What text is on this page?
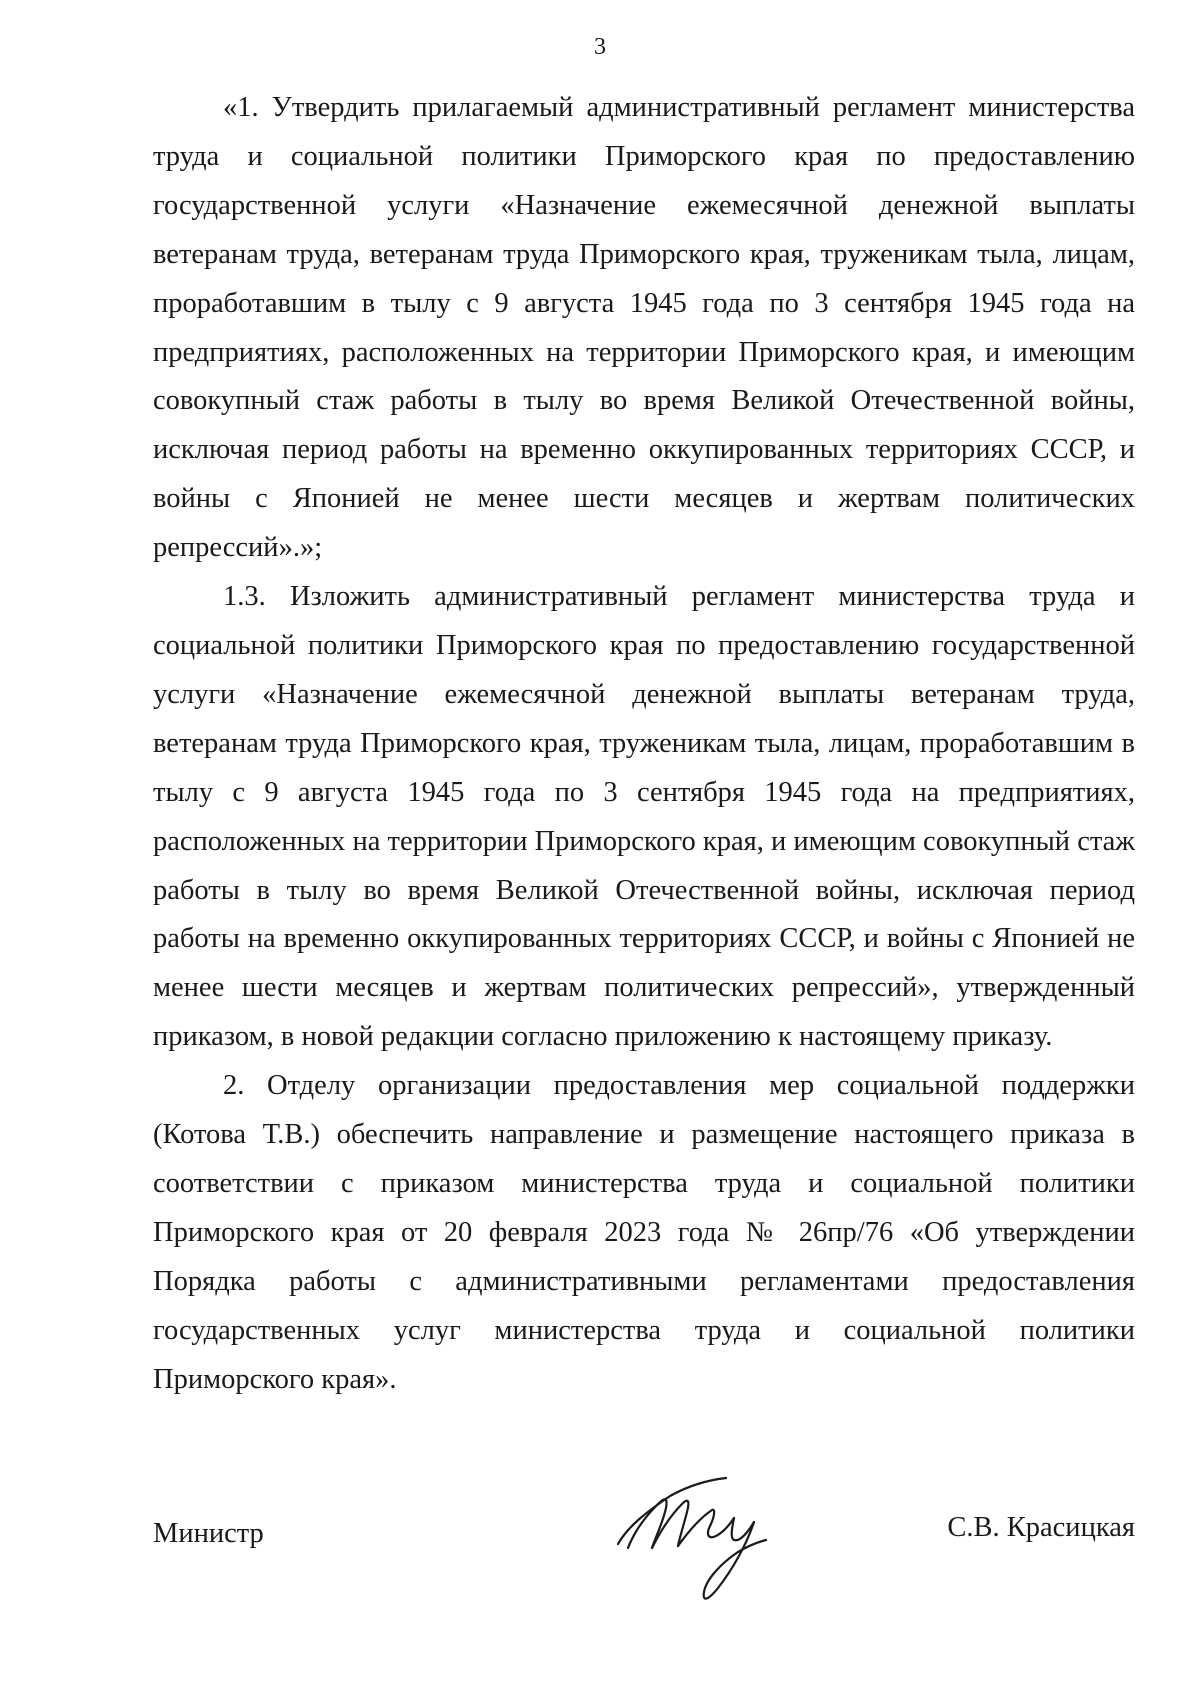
3

«1. Утвердить прилагаемый административный регламент министерства труда и социальной политики Приморского края по предоставлению государственной услуги «Назначение ежемесячной денежной выплаты ветеранам труда, ветеранам труда Приморского края, труженикам тыла, лицам, проработавшим в тылу с 9 августа 1945 года по 3 сентября 1945 года на предприятиях, расположенных на территории Приморского края, и имеющим совокупный стаж работы в тылу во время Великой Отечественной войны, исключая период работы на временно оккупированных территориях СССР, и войны с Японией не менее шести месяцев и жертвам политических репрессий».»;

1.3. Изложить административный регламент министерства труда и социальной политики Приморского края по предоставлению государственной услуги «Назначение ежемесячной денежной выплаты ветеранам труда, ветеранам труда Приморского края, труженикам тыла, лицам, проработавшим в тылу с 9 августа 1945 года по 3 сентября 1945 года на предприятиях, расположенных на территории Приморского края, и имеющим совокупный стаж работы в тылу во время Великой Отечественной войны, исключая период работы на временно оккупированных территориях СССР, и войны с Японией не менее шести месяцев и жертвам политических репрессий», утвержденный приказом, в новой редакции согласно приложению к настоящему приказу.

2. Отделу организации предоставления мер социальной поддержки (Котова Т.В.) обеспечить направление и размещение настоящего приказа в соответствии с приказом министерства труда и социальной политики Приморского края от 20 февраля 2023 года № 26пр/76 «Об утверждении Порядка работы с административными регламентами предоставления государственных услуг министерства труда и социальной политики Приморского края».

Министр	С.В. Красицкая
